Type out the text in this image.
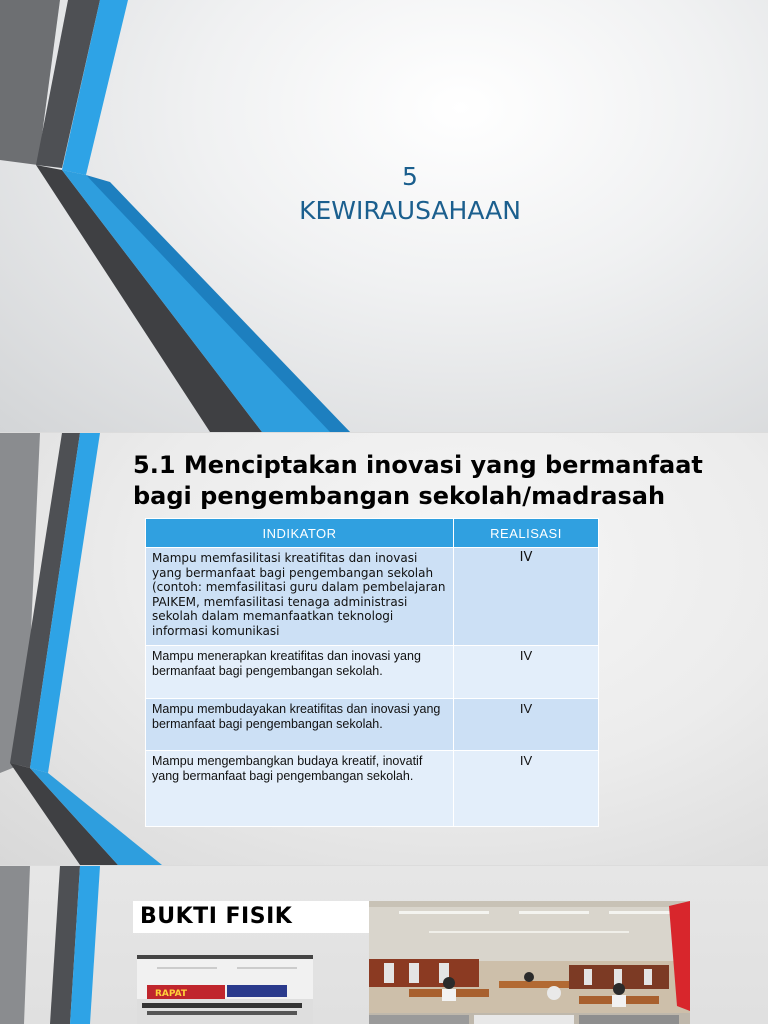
5
KEWIRAUSAHAAN
5.1 Menciptakan inovasi yang bermanfaat bagi pengembangan sekolah/madrasah
INDIKATOR	REALISASI
Mampu memfasilitasi kreatifitas dan inovasi yang bermanfaat bagi pengembangan sekolah (contoh: memfasilitasi guru dalam pembelajaran PAIKEM, memfasilitasi tenaga administrasi sekolah dalam memanfaatkan teknologi informasi komunikasi	IV
Mampu menerapkan kreatifitas dan inovasi yang bermanfaat bagi pengembangan sekolah.	IV
Mampu membudayakan kreatifitas dan inovasi yang bermanfaat bagi pengembangan sekolah.	IV
Mampu mengembangkan budaya kreatif, inovatif yang bermanfaat bagi pengembangan sekolah.	IV
BUKTI FISIK
RAPAT
